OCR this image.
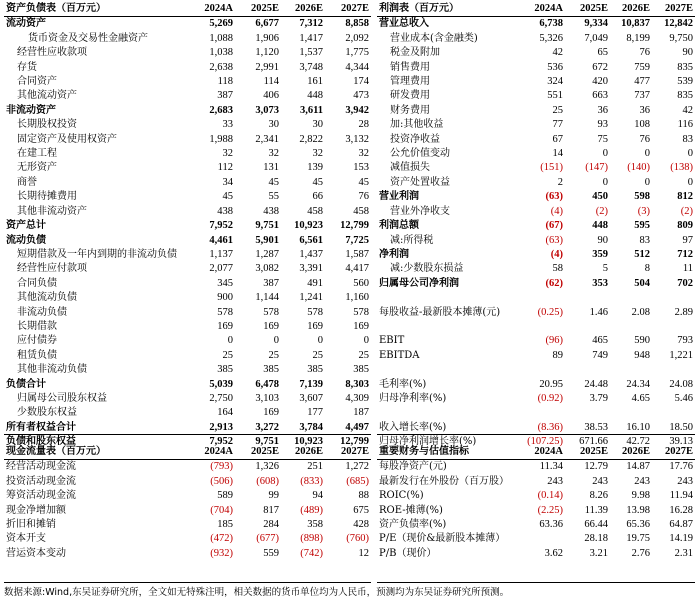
资产负债表（百万元）	2024A	2025E	2026E	2027E
流动资产	5,269	6,677	7,312	8,858
货币资金及交易性金融资产	1,088	1,906	1,417	2,092
经营性应收款项	1,038	1,120	1,537	1,775
存货	2,638	2,991	3,748	4,344
合同资产	118	114	161	174
其他流动资产	387	406	448	473
非流动资产	2,683	3,073	3,611	3,942
长期股权投资	33	30	30	28
固定资产及使用权资产	1,988	2,341	2,822	3,132
在建工程	32	32	32	32
无形资产	112	131	139	153
商誉	34	45	45	45
长期待摊费用	45	55	66	76
其他非流动资产	438	438	458	458
资产总计	7,952	9,751	10,923	12,799
流动负债	4,461	5,901	6,561	7,725
短期借款及一年内到期的非流动负债	1,137	1,287	1,437	1,587
经营性应付款项	2,077	3,082	3,391	4,417
合同负债	345	387	491	560
其他流动负债	900	1,144	1,241	1,160
非流动负债	578	578	578	578
长期借款	169	169	169	169
应付债券	0	0	0	0
租赁负债	25	25	25	25
其他非流动负债	385	385	385	385
负债合计	5,039	6,478	7,139	8,303
归属母公司股东权益	2,750	3,103	3,607	4,309
少数股东权益	164	169	177	187
所有者权益合计	2,913	3,272	3,784	4,497
负债和股东权益	7,952	9,751	10,923	12,799
利润表（百万元）	2024A	2025E	2026E	2027E
营业总收入	6,738	9,334	10,837	12,842
营业成本(含金融类)	5,326	7,049	8,199	9,750
税金及附加	42	65	76	90
销售费用	536	672	759	835
管理费用	324	420	477	539
研发费用	551	663	737	835
财务费用	25	36	36	42
加:其他收益	77	93	108	116
投资净收益	67	75	76	83
公允价值变动	14	0	0	0
减值损失	(151)	(147)	(140)	(138)
资产处置收益	2	0	0	0
营业利润	(63)	450	598	812
营业外净收支	(4)	(2)	(3)	(2)
利润总额	(67)	448	595	809
减:所得税	(63)	90	83	97
净利润	(4)	359	512	712
减:少数股东损益	58	5	8	11
归属母公司净利润	(62)	353	504	702

每股收益-最新股本摊薄(元)	(0.25)	1.46	2.08	2.89

EBIT	(96)	465	590	793
EBITDA	89	749	948	1,221

毛利率(%)	20.95	24.48	24.34	24.08
归母净利率(%)	(0.92)	3.79	4.65	5.46

收入增长率(%)	(8.36)	38.53	16.10	18.50
归母净利润增长率(%)	(107.25)	671.66	42.72	39.13
现金流量表（百万元）	2024A	2025E	2026E	2027E
经营活动现金流	(793)	1,326	251	1,272
投资活动现金流	(506)	(608)	(833)	(685)
筹资活动现金流	589	99	94	88
现金净增加额	(704)	817	(489)	675
折旧和摊销	185	284	358	428
资本开支	(472)	(677)	(898)	(760)
营运资本变动	(932)	559	(742)	12
重要财务与估值指标	2024A	2025E	2026E	2027E
每股净资产(元)	11.34	12.79	14.87	17.76
最新发行在外股份（百万股）	243	243	243	243
ROIC(%)	(0.14)	8.26	9.98	11.94
ROE-摊薄(%)	(2.25)	11.39	13.98	16.28
资产负债率(%)	63.36	66.44	65.36	64.87
P/E（现价&最新股本摊薄）		28.18	19.75	14.19
P/B（现价）	3.62	3.21	2.76	2.31
数据来源:Wind,东吴证券研究所，全文如无特殊注明，相关数据的货币单位均为人民币，预测均为东吴证券研究所预测。
